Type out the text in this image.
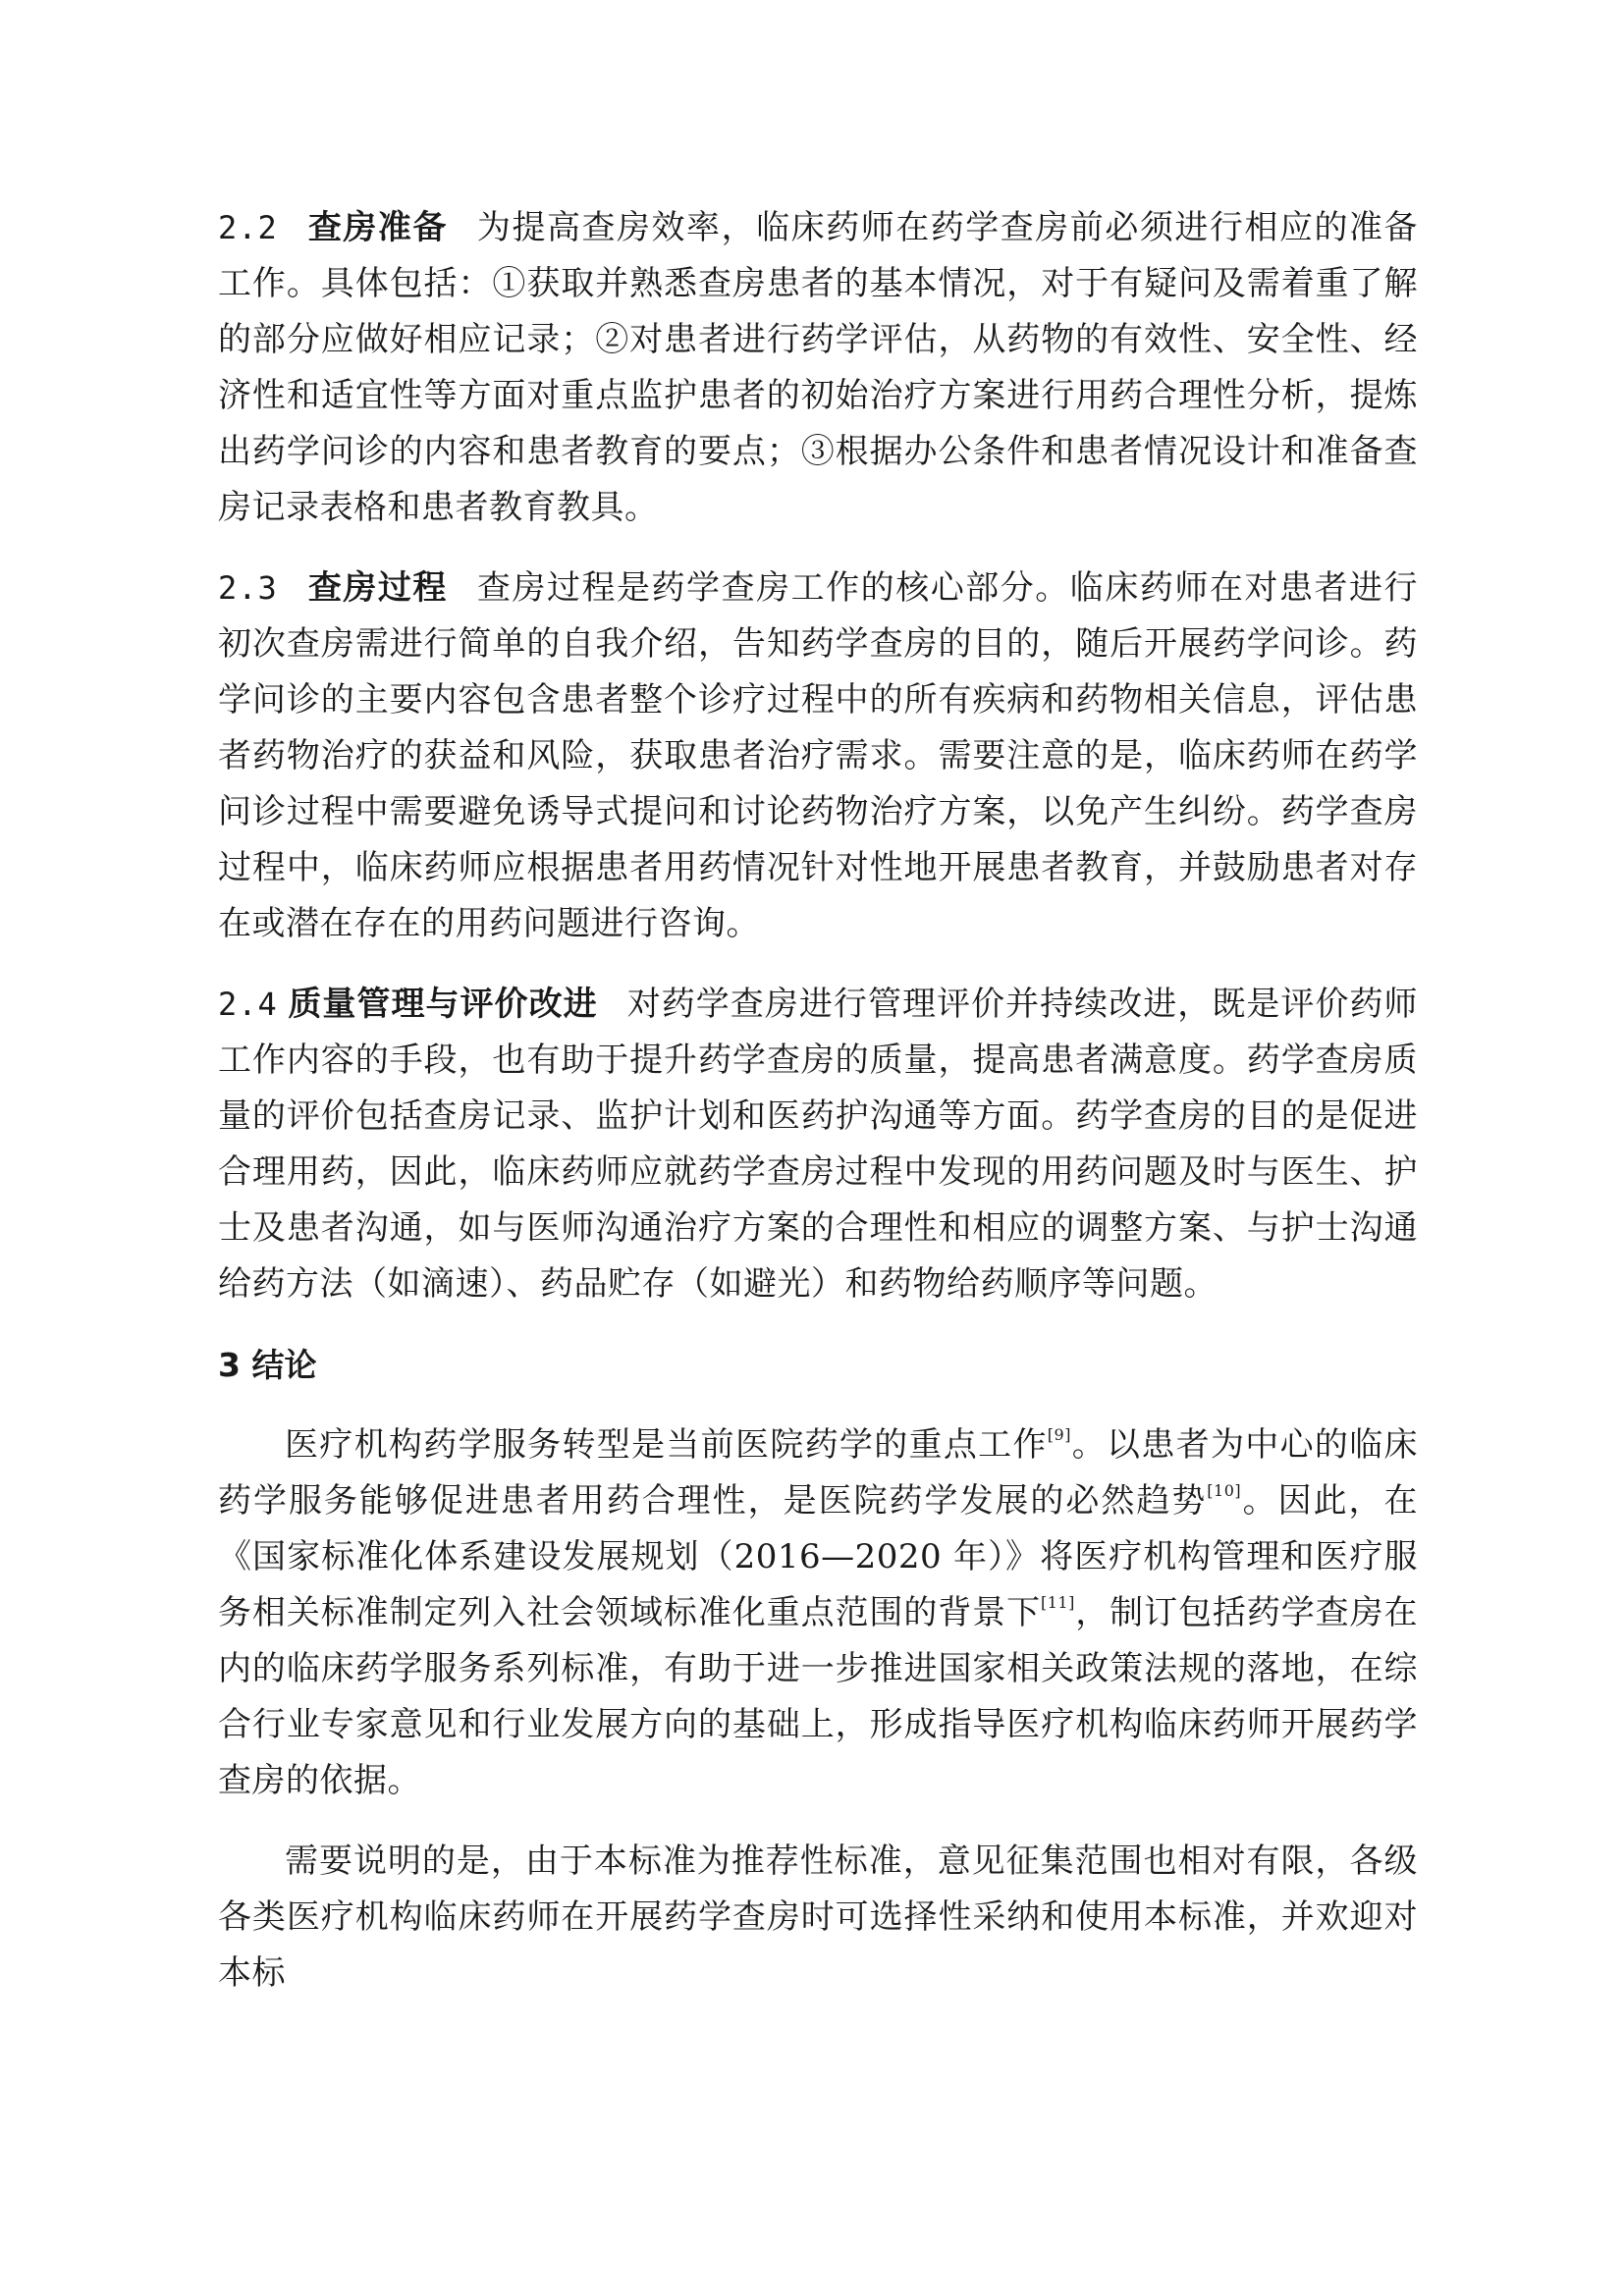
2.2 查房准备 为提高查房效率，临床药师在药学查房前必须进行相应的准备工作。具体包括：①获取并熟悉查房患者的基本情况，对于有疑问及需着重了解的部分应做好相应记录；②对患者进行药学评估，从药物的有效性、安全性、经济性和适宜性等方面对重点监护患者的初始治疗方案进行用药合理性分析，提炼出药学问诊的内容和患者教育的要点；③根据办公条件和患者情况设计和准备查房记录表格和患者教育教具。

2.3 查房过程 查房过程是药学查房工作的核心部分。临床药师在对患者进行初次查房需进行简单的自我介绍，告知药学查房的目的，随后开展药学问诊。药学问诊的主要内容包含患者整个诊疗过程中的所有疾病和药物相关信息，评估患者药物治疗的获益和风险，获取患者治疗需求。需要注意的是，临床药师在药学问诊过程中需要避免诱导式提问和讨论药物治疗方案，以免产生纠纷。药学查房过程中，临床药师应根据患者用药情况针对性地开展患者教育，并鼓励患者对存在或潜在存在的用药问题进行咨询。

2.4 质量管理与评价改进 对药学查房进行管理评价并持续改进，既是评价药师工作内容的手段，也有助于提升药学查房的质量，提高患者满意度。药学查房质量的评价包括查房记录、监护计划和医药护沟通等方面。药学查房的目的是促进合理用药，因此，临床药师应就药学查房过程中发现的用药问题及时与医生、护士及患者沟通，如与医师沟通治疗方案的合理性和相应的调整方案、与护士沟通给药方法（如滴速）、药品贮存（如避光）和药物给药顺序等问题。

3 结论

医疗机构药学服务转型是当前医院药学的重点工作[9]。以患者为中心的临床药学服务能够促进患者用药合理性，是医院药学发展的必然趋势[10]。因此，在《国家标准化体系建设发展规划（2016—2020 年）》将医疗机构管理和医疗服务相关标准制定列入社会领域标准化重点范围的背景下[11]，制订包括药学查房在内的临床药学服务系列标准，有助于进一步推进国家相关政策法规的落地，在综合行业专家意见和行业发展方向的基础上，形成指导医疗机构临床药师开展药学查房的依据。

需要说明的是，由于本标准为推荐性标准，意见征集范围也相对有限，各级各类医疗机构临床药师在开展药学查房时可选择性采纳和使用本标准，并欢迎对本标
